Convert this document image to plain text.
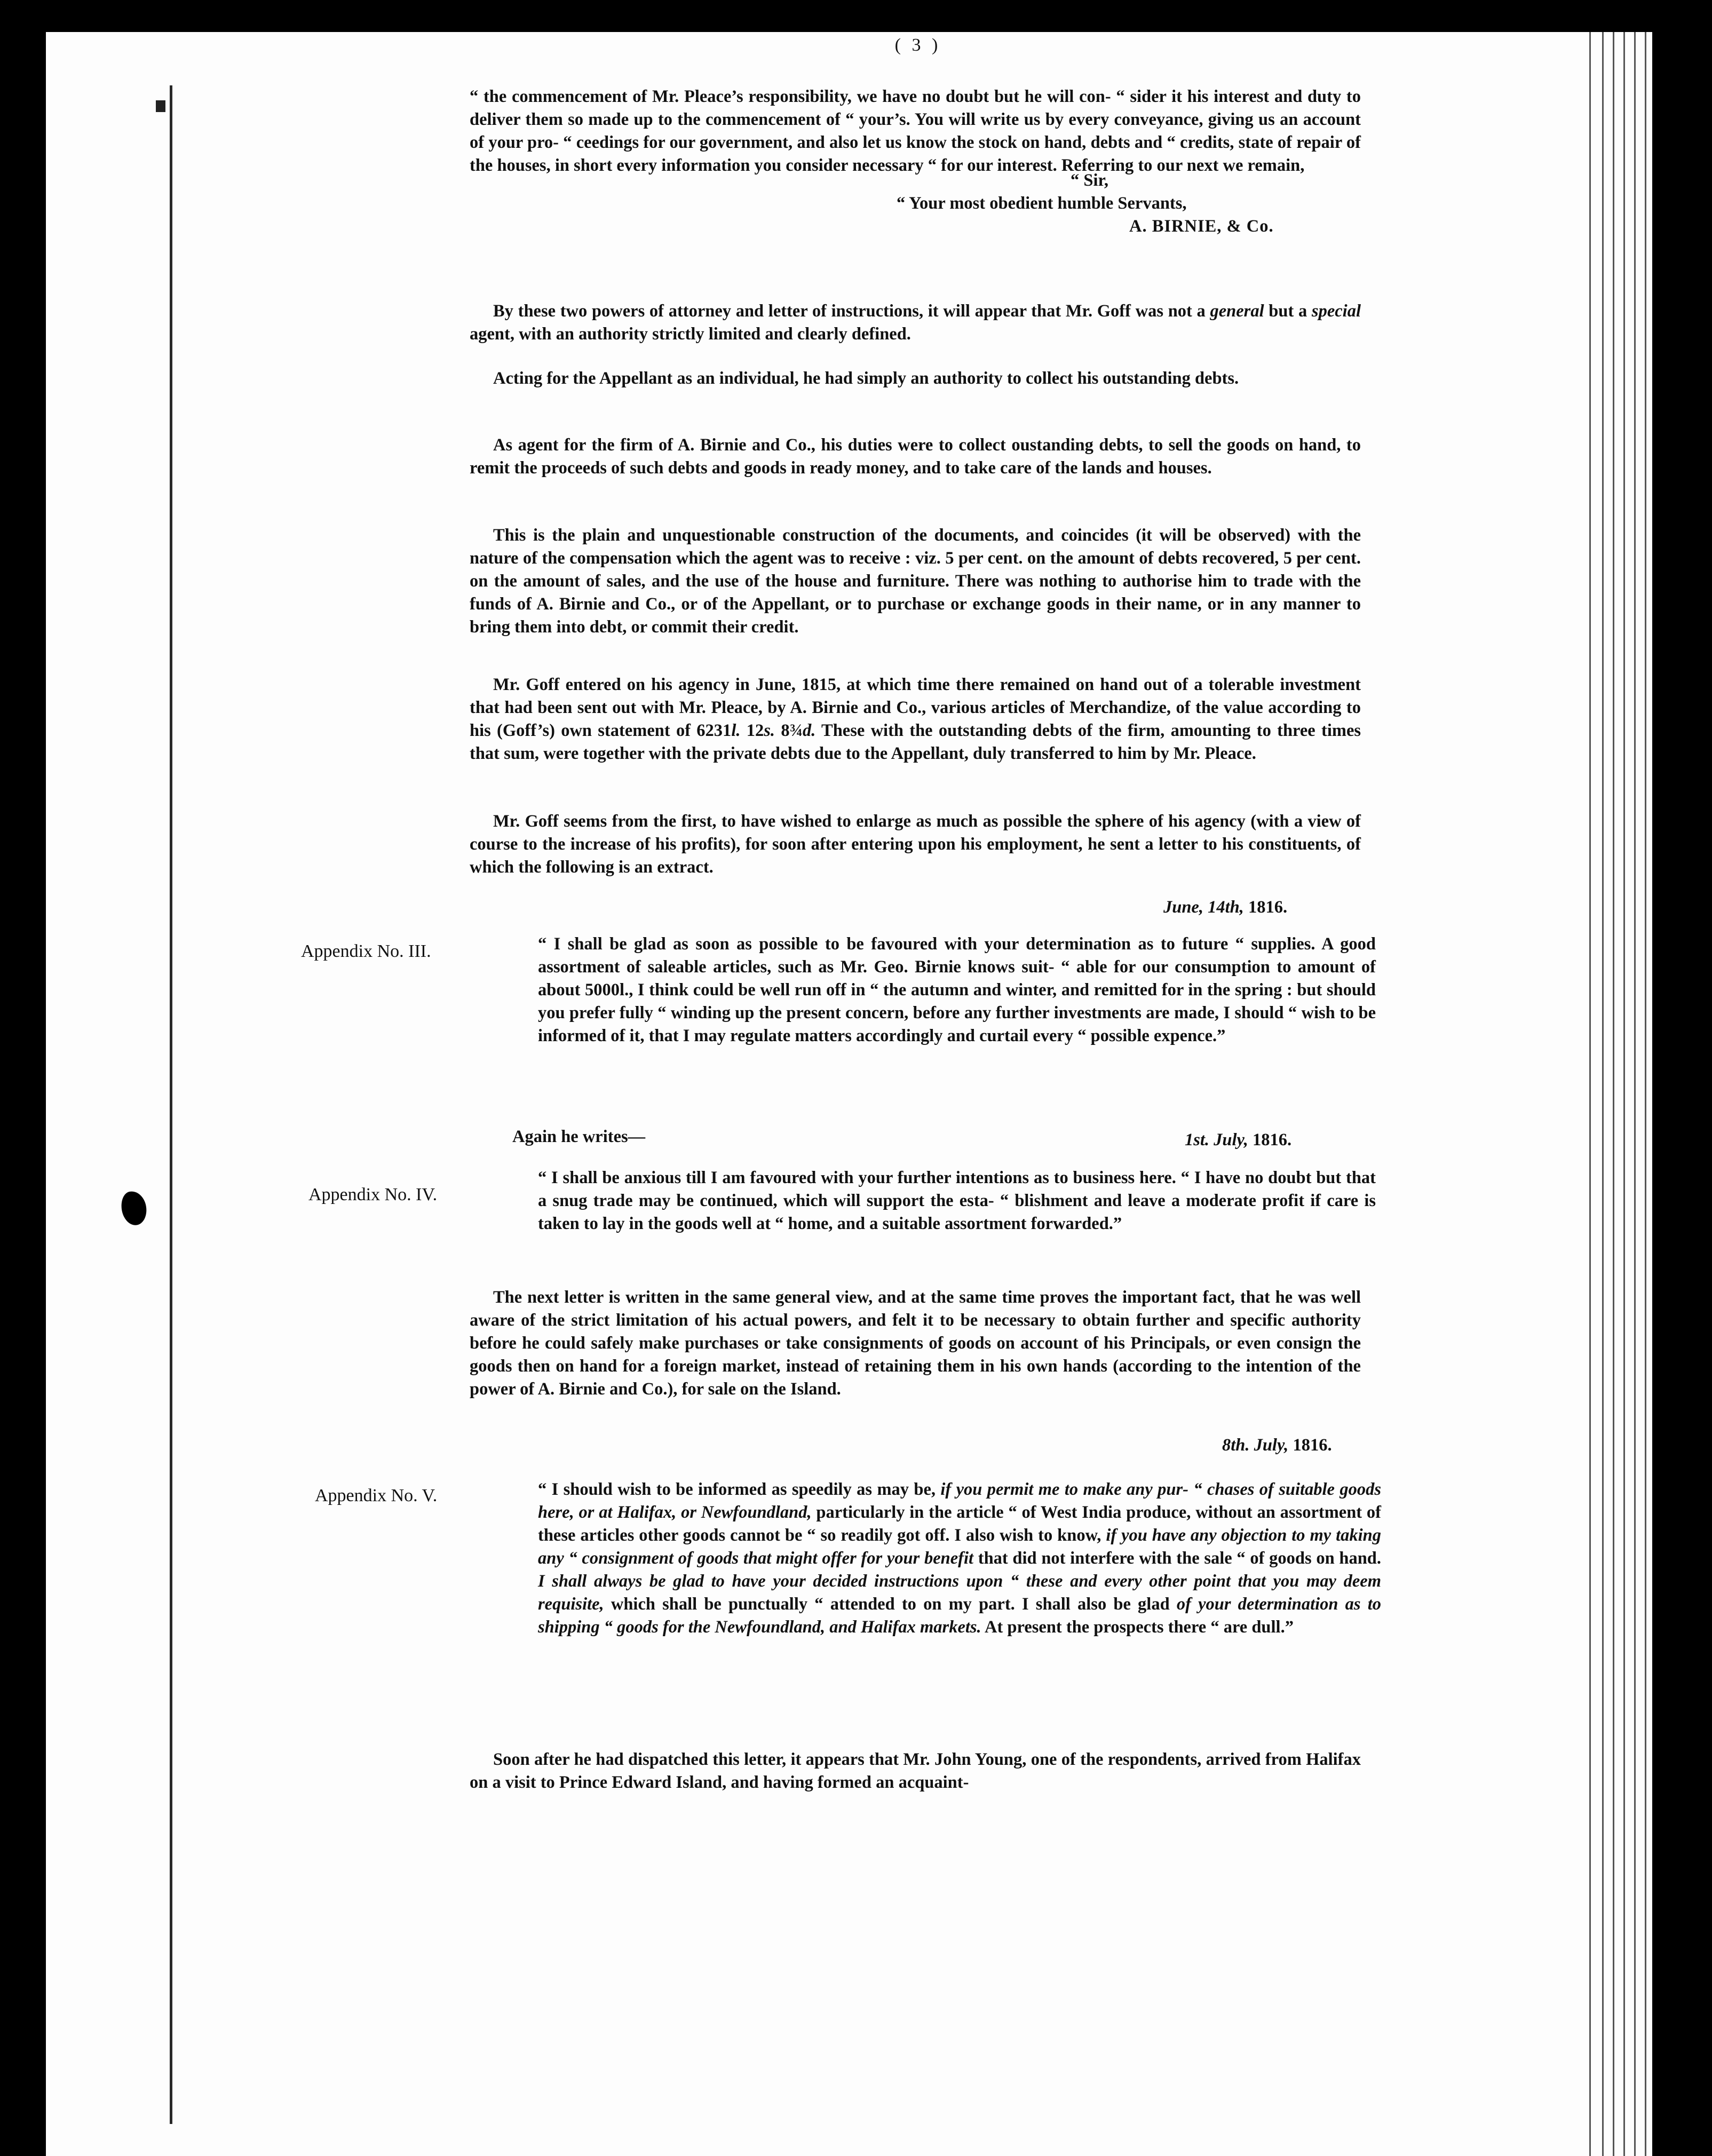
( 3 )

“ the commencement of Mr. Pleace’s responsibility, we have no doubt but he will con- “ sider it his interest and duty to deliver them so made up to the commencement of “ your’s. You will write us by every conveyance, giving us an account of your pro- “ ceedings for our government, and also let us know the stock on hand, debts and “ credits, state of repair of the houses, in short every information you consider necessary “ for our interest. Referring to our next we remain,

“ Sir,
“ Your most obedient humble Servants,
A. BIRNIE, & Co.

By these two powers of attorney and letter of instructions, it will appear that Mr. Goff was not a general but a special agent, with an authority strictly limited and clearly defined.

Acting for the Appellant as an individual, he had simply an authority to collect his outstanding debts.

As agent for the firm of A. Birnie and Co., his duties were to collect oustanding debts, to sell the goods on hand, to remit the proceeds of such debts and goods in ready money, and to take care of the lands and houses.

This is the plain and unquestionable construction of the documents, and coincides (it will be observed) with the nature of the compensation which the agent was to receive : viz. 5 per cent. on the amount of debts recovered, 5 per cent. on the amount of sales, and the use of the house and furniture. There was nothing to authorise him to trade with the funds of A. Birnie and Co., or of the Appellant, or to purchase or exchange goods in their name, or in any manner to bring them into debt, or commit their credit.

Mr. Goff entered on his agency in June, 1815, at which time there remained on hand out of a tolerable investment that had been sent out with Mr. Pleace, by A. Birnie and Co., various articles of Merchandize, of the value according to his (Goff’s) own statement of 6231l. 12s. 8¾d. These with the outstanding debts of the firm, amounting to three times that sum, were together with the private debts due to the Appellant, duly transferred to him by Mr. Pleace.

Mr. Goff seems from the first, to have wished to enlarge as much as possible the sphere of his agency (with a view of course to the increase of his profits), for soon after entering upon his employment, he sent a letter to his constituents, of which the following is an extract.

June, 14th, 1816.
Appendix No. III.	“ I shall be glad as soon as possible to be favoured with your determination as to future “ supplies. A good assortment of saleable articles, such as Mr. Geo. Birnie knows suit- “ able for our consumption to amount of about 5000l., I think could be well run off in “ the autumn and winter, and remitted for in the spring : but should you prefer fully “ winding up the present concern, before any further investments are made, I should “ wish to be informed of it, that I may regulate matters accordingly and curtail every “ possible expence.”

Again he writes—	1st. July, 1816.
Appendix No. IV.

“ I shall be anxious till I am favoured with your further intentions as to business here. “ I have no doubt but that a snug trade may be continued, which will support the esta- “ blishment and leave a moderate profit if care is taken to lay in the goods well at “ home, and a suitable assortment forwarded.”

The next letter is written in the same general view, and at the same time proves the important fact, that he was well aware of the strict limitation of his actual powers, and felt it to be necessary to obtain further and specific authority before he could safely make purchases or take consignments of goods on account of his Principals, or even consign the goods then on hand for a foreign market, instead of retaining them in his own hands (according to the intention of the power of A. Birnie and Co.), for sale on the Island.

8th. July, 1816.
Appendix No. V.	“ I should wish to be informed as speedily as may be, if you permit me to make any pur- “ chases of suitable goods here, or at Halifax, or Newfoundland, particularly in the article “ of West India produce, without an assortment of these articles other goods cannot be “ so readily got off. I also wish to know, if you have any objection to my taking any “ consignment of goods that might offer for your benefit that did not interfere with the sale “ of goods on hand. I shall always be glad to have your decided instructions upon “ these and every other point that you may deem requisite, which shall be punctually “ attended to on my part. I shall also be glad of your determination as to shipping “ goods for the Newfoundland, and Halifax markets. At present the prospects there “ are dull.”

Soon after he had dispatched this letter, it appears that Mr. John Young, one of the respondents, arrived from Halifax on a visit to Prince Edward Island, and having formed an acquaint-
